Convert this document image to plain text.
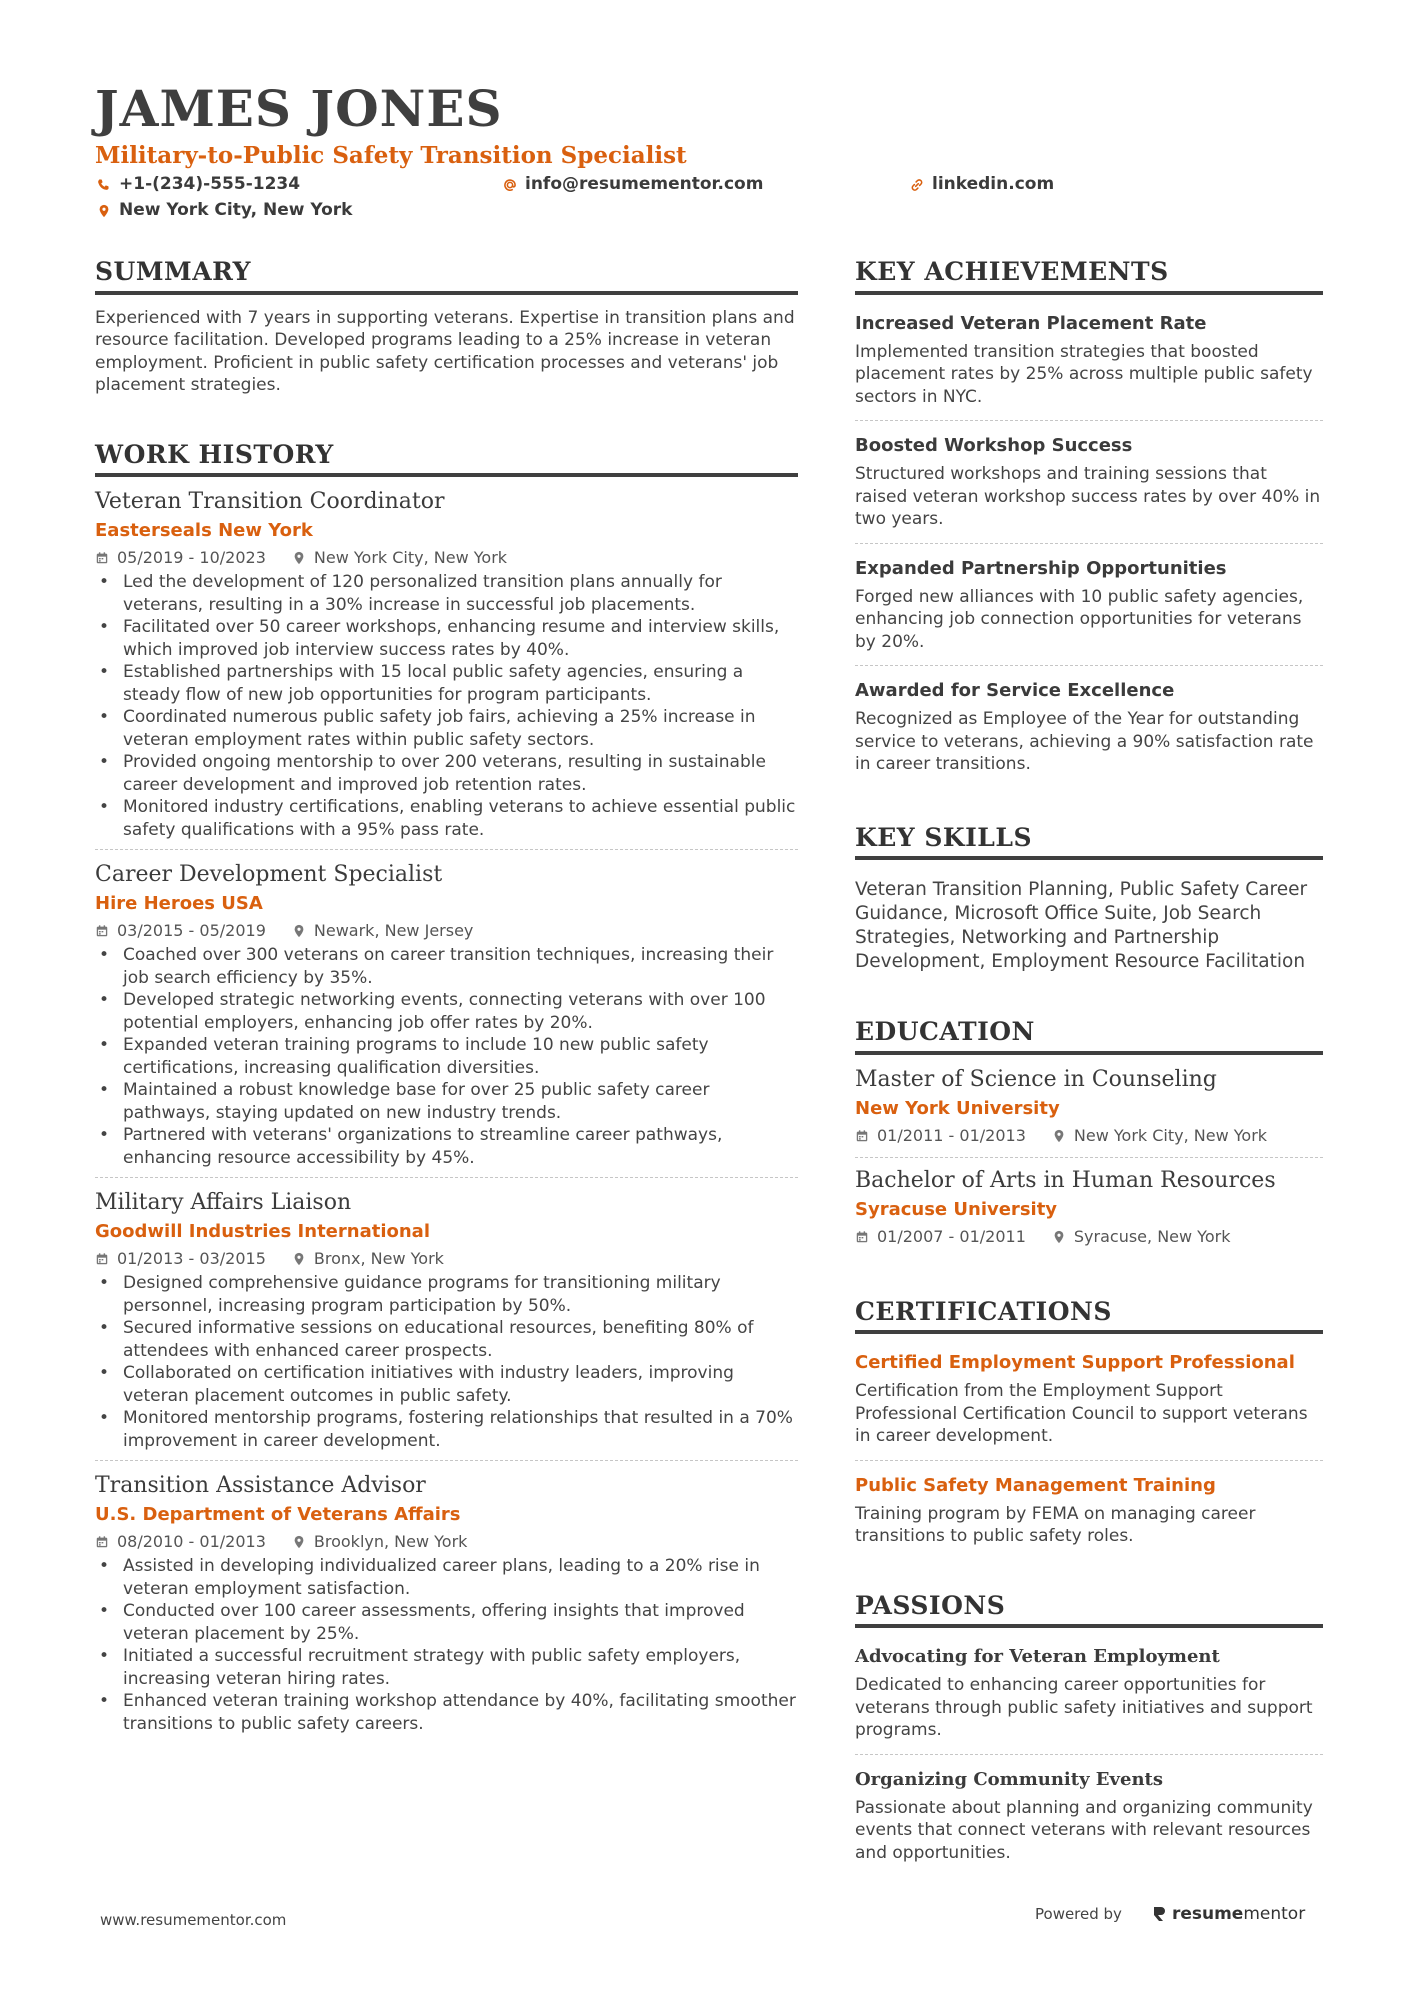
JAMES JONES
Military-to-Public Safety Transition Specialist
+1-(234)-555-1234	info@resumementor.com	linkedin.com
New York City, New York
SUMMARY
Experienced with 7 years in supporting veterans. Expertise in transition plans and resource facilitation. Developed programs leading to a 25% increase in veteran employment. Proficient in public safety certification processes and veterans' job placement strategies.
WORK HISTORY
Veteran Transition Coordinator
Easterseals New York
05/2019 - 10/2023	New York City, New York
• Led the development of 120 personalized transition plans annually for veterans, resulting in a 30% increase in successful job placements.
• Facilitated over 50 career workshops, enhancing resume and interview skills, which improved job interview success rates by 40%.
• Established partnerships with 15 local public safety agencies, ensuring a steady flow of new job opportunities for program participants.
• Coordinated numerous public safety job fairs, achieving a 25% increase in veteran employment rates within public safety sectors.
• Provided ongoing mentorship to over 200 veterans, resulting in sustainable career development and improved job retention rates.
• Monitored industry certifications, enabling veterans to achieve essential public safety qualifications with a 95% pass rate.
Career Development Specialist
Hire Heroes USA
03/2015 - 05/2019	Newark, New Jersey
• Coached over 300 veterans on career transition techniques, increasing their job search efficiency by 35%.
• Developed strategic networking events, connecting veterans with over 100 potential employers, enhancing job offer rates by 20%.
• Expanded veteran training programs to include 10 new public safety certifications, increasing qualification diversities.
• Maintained a robust knowledge base for over 25 public safety career pathways, staying updated on new industry trends.
• Partnered with veterans' organizations to streamline career pathways, enhancing resource accessibility by 45%.
Military Affairs Liaison
Goodwill Industries International
01/2013 - 03/2015	Bronx, New York
• Designed comprehensive guidance programs for transitioning military personnel, increasing program participation by 50%.
• Secured informative sessions on educational resources, benefiting 80% of attendees with enhanced career prospects.
• Collaborated on certification initiatives with industry leaders, improving veteran placement outcomes in public safety.
• Monitored mentorship programs, fostering relationships that resulted in a 70% improvement in career development.
Transition Assistance Advisor
U.S. Department of Veterans Affairs
08/2010 - 01/2013	Brooklyn, New York
• Assisted in developing individualized career plans, leading to a 20% rise in veteran employment satisfaction.
• Conducted over 100 career assessments, offering insights that improved veteran placement by 25%.
• Initiated a successful recruitment strategy with public safety employers, increasing veteran hiring rates.
• Enhanced veteran training workshop attendance by 40%, facilitating smoother transitions to public safety careers.
KEY ACHIEVEMENTS
Increased Veteran Placement Rate
Implemented transition strategies that boosted placement rates by 25% across multiple public safety sectors in NYC.
Boosted Workshop Success
Structured workshops and training sessions that raised veteran workshop success rates by over 40% in two years.
Expanded Partnership Opportunities
Forged new alliances with 10 public safety agencies, enhancing job connection opportunities for veterans by 20%.
Awarded for Service Excellence
Recognized as Employee of the Year for outstanding service to veterans, achieving a 90% satisfaction rate in career transitions.
KEY SKILLS
Veteran Transition Planning, Public Safety Career Guidance, Microsoft Office Suite, Job Search Strategies, Networking and Partnership Development, Employment Resource Facilitation
EDUCATION
Master of Science in Counseling
New York University
01/2011 - 01/2013	New York City, New York
Bachelor of Arts in Human Resources
Syracuse University
01/2007 - 01/2011	Syracuse, New York
CERTIFICATIONS
Certified Employment Support Professional
Certification from the Employment Support Professional Certification Council to support veterans in career development.
Public Safety Management Training
Training program by FEMA on managing career transitions to public safety roles.
PASSIONS
Advocating for Veteran Employment
Dedicated to enhancing career opportunities for veterans through public safety initiatives and support programs.
Organizing Community Events
Passionate about planning and organizing community events that connect veterans with relevant resources and opportunities.
www.resumementor.com	Powered by	resumementor
